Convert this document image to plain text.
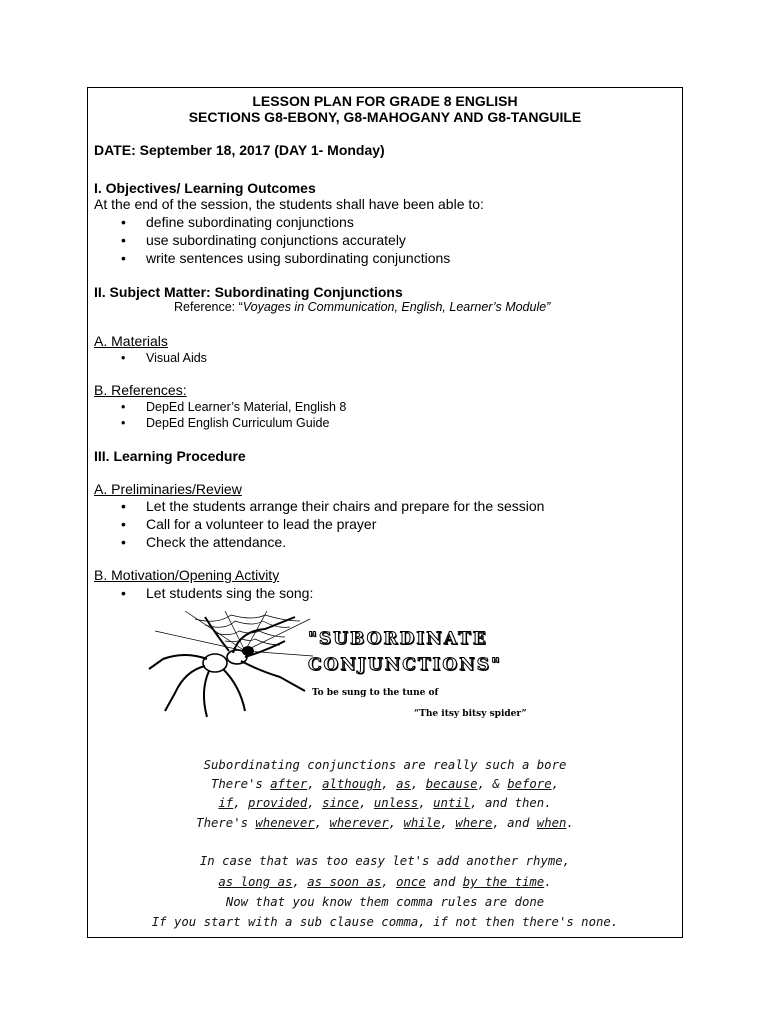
LESSON PLAN FOR GRADE 8 ENGLISH
SECTIONS G8-EBONY, G8-MAHOGANY AND G8-TANGUILE
DATE: September 18, 2017 (DAY 1- Monday)
I. Objectives/ Learning Outcomes
At the end of the session, the students shall have been able to:
• define subordinating conjunctions
• use subordinating conjunctions accurately
• write sentences using subordinating conjunctions
II. Subject Matter: Subordinating Conjunctions
Reference: “Voyages in Communication, English, Learner’s Module”
A. Materials
• Visual Aids
B. References:
• DepEd Learner’s Material, English 8
• DepEd English Curriculum Guide
III. Learning Procedure
A. Preliminaries/Review
• Let the students arrange their chairs and prepare for the session
• Call for a volunteer to lead the prayer
• Check the attendance.
B. Motivation/Opening Activity
• Let students sing the song:
"SUBORDINATE
CONJUNCTIONS"
To be sung to the tune of
“The itsy bitsy spider”
Subordinating conjunctions are really such a bore
There's after, although, as, because, & before,
if, provided, since, unless, until, and then.
There's whenever, wherever, while, where, and when.
In case that was too easy let's add another rhyme,
as long as, as soon as, once and by the time.
Now that you know them comma rules are done
If you start with a sub clause comma, if not then there's none.
